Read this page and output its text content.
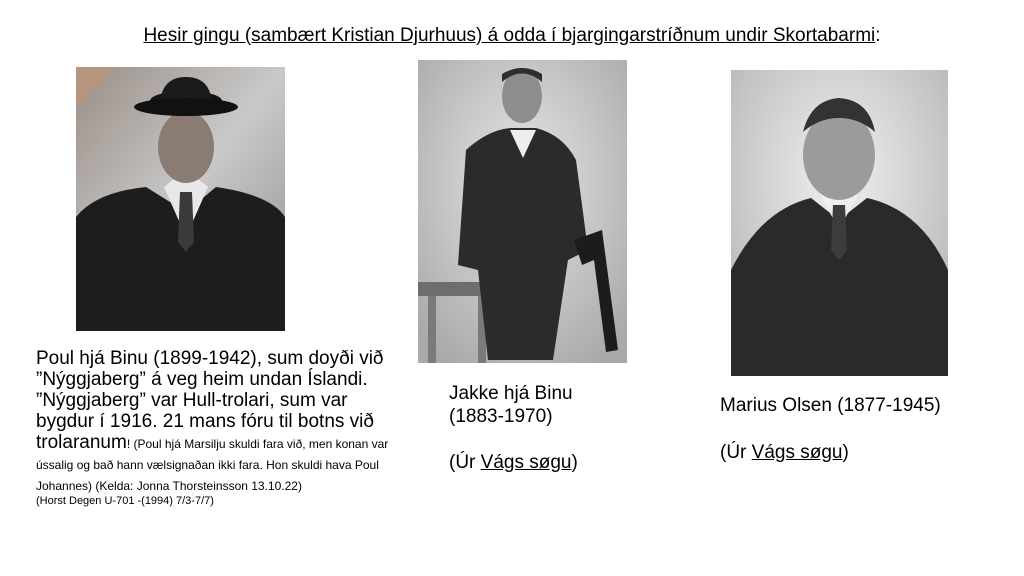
Hesir gingu (sambært Kristian Djurhuus) á odda í bjargingarstríðnum undir Skortabarmi:
Poul hjá Binu (1899-1942), sum doyði við ”Nýggjaberg” á veg heim undan Íslandi. ”Nýggjaberg” var Hull-trolari, sum var bygdur í 1916. 21 mans fóru til botns við trolaranum! (Poul hjá Marsilju skuldi fara við, men konan var ússalig og bað hann vælsignaðan ikki fara. Hon skuldi hava Poul Johannes) (Kelda: Jonna Thorsteinsson 13.10.22)
(Horst Degen U-701 -(1994) 7/3-7/7)
Jakke hjá Binu
(1883-1970)
(Úr Vágs søgu)
Marius Olsen (1877-1945)
(Úr Vágs søgu)
